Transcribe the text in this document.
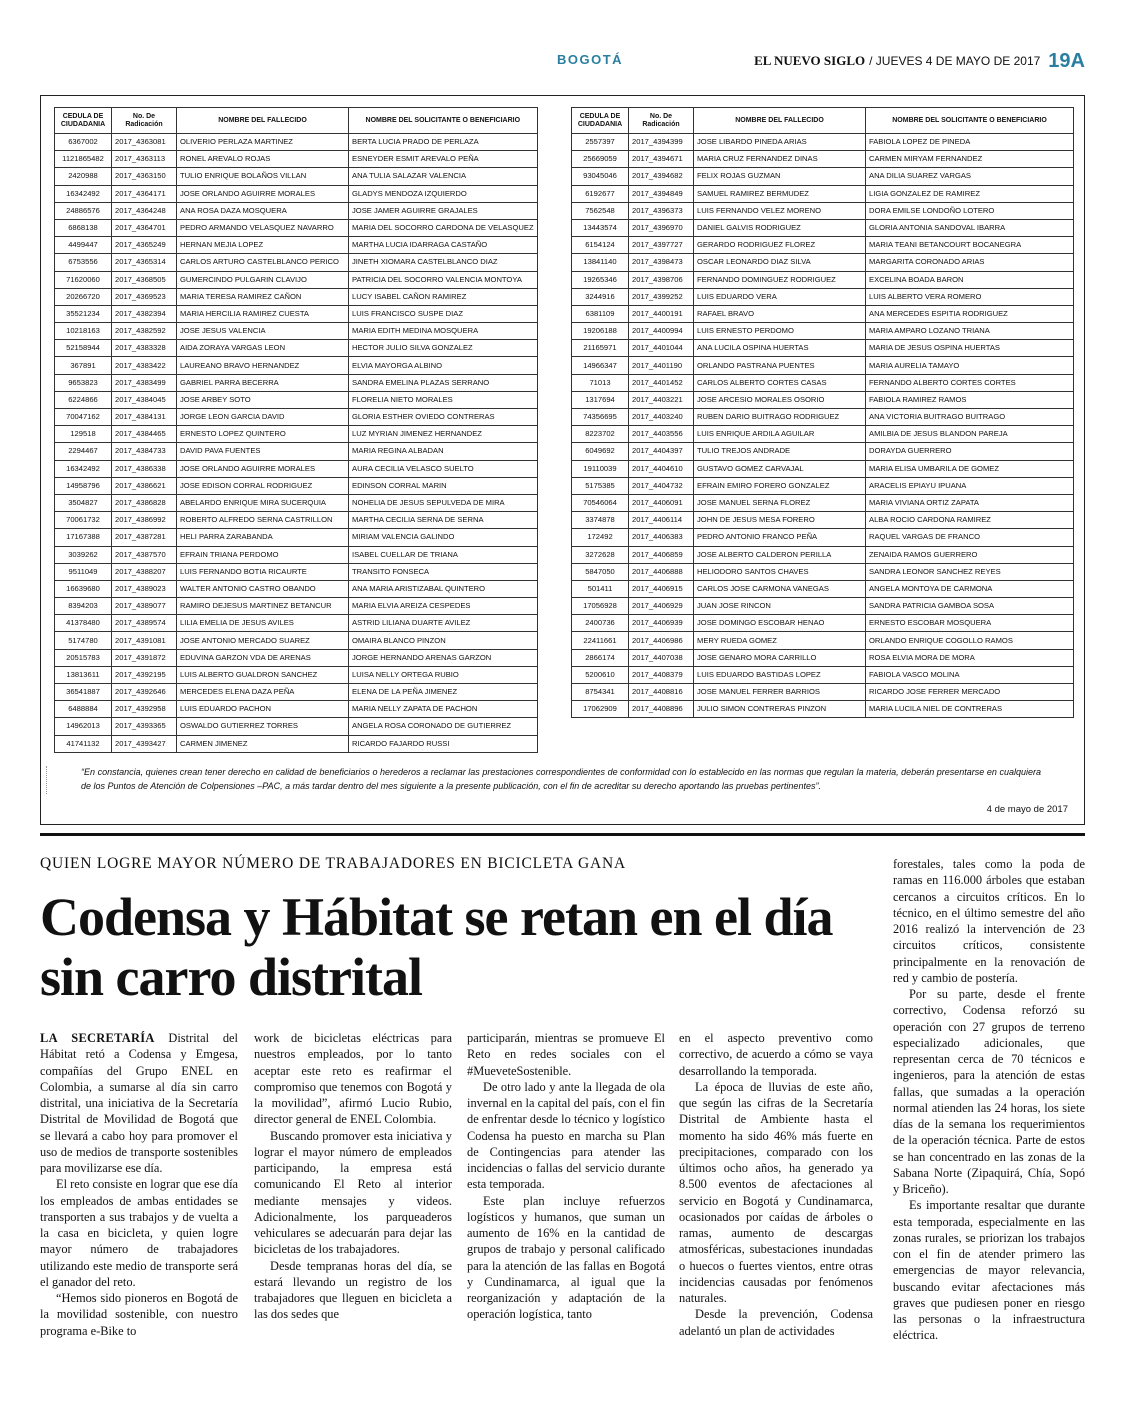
BOGOTÁ	EL NUEVO SIGLO / JUEVES 4 DE MAYO DE 2017 19A
CEDULA DE CIUDADANIA	No. De Radicación	NOMBRE DEL FALLECIDO	NOMBRE DEL SOLICITANTE O BENEFICIARIO
6367002	2017_4363081	OLIVERIO PERLAZA MARTINEZ	BERTA LUCIA PRADO DE PERLAZA
1121865482	2017_4363113	RONEL AREVALO ROJAS	ESNEYDER ESMIT AREVALO PEÑA
2420988	2017_4363150	TULIO ENRIQUE BOLAÑOS VILLAN	ANA TULIA SALAZAR VALENCIA
16342492	2017_4364171	JOSE ORLANDO AGUIRRE MORALES	GLADYS MENDOZA IZQUIERDO
24886576	2017_4364248	ANA ROSA DAZA MOSQUERA	JOSE JAMER AGUIRRE GRAJALES
6868138	2017_4364701	PEDRO ARMANDO VELASQUEZ NAVARRO	MARIA DEL SOCORRO CARDONA DE VELASQUEZ
4499447	2017_4365249	HERNAN MEJIA LOPEZ	MARTHA LUCIA IDARRAGA CASTAÑO
6753556	2017_4365314	CARLOS ARTURO CASTELBLANCO PERICO	JINETH XIOMARA CASTELBLANCO DIAZ
71620060	2017_4368505	GUMERCINDO PULGARIN CLAVIJO	PATRICIA DEL SOCORRO VALENCIA MONTOYA
20266720	2017_4369523	MARIA TERESA RAMIREZ CAÑON	LUCY ISABEL CAÑON RAMIREZ
35521234	2017_4382394	MARIA HERCILIA RAMIREZ CUESTA	LUIS FRANCISCO SUSPE DIAZ
10218163	2017_4382592	JOSE JESUS VALENCIA	MARIA EDITH MEDINA MOSQUERA
52158944	2017_4383328	AIDA ZORAYA VARGAS LEON	HECTOR JULIO SILVA GONZALEZ
367891	2017_4383422	LAUREANO BRAVO HERNANDEZ	ELVIA MAYORGA ALBINO
9653823	2017_4383499	GABRIEL PARRA BECERRA	SANDRA EMELINA PLAZAS SERRANO
6224866	2017_4384045	JOSE ARBEY SOTO	FLORELIA NIETO MORALES
70047162	2017_4384131	JORGE LEON GARCIA DAVID	GLORIA ESTHER OVIEDO CONTRERAS
129518	2017_4384465	ERNESTO LOPEZ QUINTERO	LUZ MYRIAN JIMENEZ HERNANDEZ
2294467	2017_4384733	DAVID PAVA FUENTES	MARIA REGINA ALBADAN
16342492	2017_4386338	JOSE ORLANDO AGUIRRE MORALES	AURA CECILIA VELASCO SUELTO
14958796	2017_4386621	JOSE EDISON CORRAL RODRIGUEZ	EDINSON CORRAL MARIN
3504827	2017_4386828	ABELARDO ENRIQUE MIRA SUCERQUIA	NOHELIA DE JESUS SEPULVEDA DE MIRA
70061732	2017_4386992	ROBERTO ALFREDO SERNA CASTRILLON	MARTHA CECILIA SERNA DE SERNA
17167388	2017_4387281	HELI PARRA ZARABANDA	MIRIAM VALENCIA GALINDO
3039262	2017_4387570	EFRAIN TRIANA PERDOMO	ISABEL CUELLAR DE TRIANA
9511049	2017_4388207	LUIS FERNANDO BOTIA RICAURTE	TRANSITO FONSECA
16639680	2017_4389023	WALTER ANTONIO CASTRO OBANDO	ANA MARIA ARISTIZABAL QUINTERO
8394203	2017_4389077	RAMIRO DEJESUS MARTINEZ BETANCUR	MARIA ELVIA AREIZA CESPEDES
41378480	2017_4389574	LILIA EMELIA DE JESUS AVILES	ASTRID LILIANA DUARTE AVILEZ
5174780	2017_4391081	JOSE ANTONIO MERCADO SUAREZ	OMAIRA BLANCO PINZON
20515783	2017_4391872	EDUVINA GARZON VDA DE ARENAS	JORGE HERNANDO ARENAS GARZON
13813611	2017_4392195	LUIS ALBERTO GUALDRON SANCHEZ	LUISA NELLY ORTEGA RUBIO
36541887	2017_4392646	MERCEDES ELENA DAZA PEÑA	ELENA DE LA PEÑA JIMENEZ
6488884	2017_4392958	LUIS EDUARDO PACHON	MARIA NELLY ZAPATA DE PACHON
14962013	2017_4393365	OSWALDO GUTIERREZ TORRES	ANGELA ROSA CORONADO DE GUTIERREZ
41741132	2017_4393427	CARMEN JIMENEZ	RICARDO FAJARDO RUSSI
CEDULA DE CIUDADANIA	No. De Radicación	NOMBRE DEL FALLECIDO	NOMBRE DEL SOLICITANTE O BENEFICIARIO
2557397	2017_4394399	JOSE LIBARDO PINEDA ARIAS	FABIOLA LOPEZ DE PINEDA
25669059	2017_4394671	MARIA CRUZ FERNANDEZ DINAS	CARMEN MIRYAM FERNANDEZ
93045046	2017_4394682	FELIX ROJAS GUZMAN	ANA DILIA SUAREZ VARGAS
6192677	2017_4394849	SAMUEL RAMIREZ BERMUDEZ	LIGIA GONZALEZ DE RAMIREZ
7562548	2017_4396373	LUIS FERNANDO VELEZ MORENO	DORA EMILSE LONDOÑO LOTERO
13443574	2017_4396970	DANIEL GALVIS RODRIGUEZ	GLORIA ANTONIA SANDOVAL IBARRA
6154124	2017_4397727	GERARDO RODRIGUEZ FLOREZ	MARIA TEANI BETANCOURT BOCANEGRA
13841140	2017_4398473	OSCAR LEONARDO DIAZ SILVA	MARGARITA CORONADO ARIAS
19265346	2017_4398706	FERNANDO DOMINGUEZ RODRIGUEZ	EXCELINA BOADA BARON
3244916	2017_4399252	LUIS EDUARDO VERA	LUIS ALBERTO VERA ROMERO
6381109	2017_4400191	RAFAEL BRAVO	ANA MERCEDES ESPITIA RODRIGUEZ
19206188	2017_4400994	LUIS ERNESTO PERDOMO	MARIA AMPARO LOZANO TRIANA
21165971	2017_4401044	ANA LUCILA OSPINA HUERTAS	MARIA DE JESUS OSPINA HUERTAS
14966347	2017_4401190	ORLANDO PASTRANA PUENTES	MARIA AURELIA TAMAYO
71013	2017_4401452	CARLOS ALBERTO CORTES CASAS	FERNANDO ALBERTO CORTES CORTES
1317694	2017_4403221	JOSE ARCESIO MORALES OSORIO	FABIOLA RAMIREZ RAMOS
74356695	2017_4403240	RUBEN DARIO BUITRAGO RODRIGUEZ	ANA VICTORIA BUITRAGO BUITRAGO
8223702	2017_4403556	LUIS ENRIQUE ARDILA AGUILAR	AMILBIA DE JESUS BLANDON PAREJA
6049692	2017_4404397	TULIO TREJOS ANDRADE	DORAYDA GUERRERO
19110039	2017_4404610	GUSTAVO GOMEZ CARVAJAL	MARIA ELISA UMBARILA DE GOMEZ
5175385	2017_4404732	EFRAIN EMIRO FORERO GONZALEZ	ARACELIS EPIAYU IPUANA
70546064	2017_4406091	JOSE MANUEL SERNA FLOREZ	MARIA VIVIANA ORTIZ ZAPATA
3374878	2017_4406114	JOHN DE JESUS MESA FORERO	ALBA ROCIO CARDONA RAMIREZ
172492	2017_4406383	PEDRO ANTONIO FRANCO PEÑA	RAQUEL VARGAS DE FRANCO
3272628	2017_4406859	JOSE ALBERTO CALDERON PERILLA	ZENAIDA RAMOS GUERRERO
5847050	2017_4406888	HELIODORO SANTOS CHAVES	SANDRA LEONOR SANCHEZ REYES
501411	2017_4406915	CARLOS JOSE CARMONA VANEGAS	ANGELA MONTOYA DE CARMONA
17056928	2017_4406929	JUAN JOSE RINCON	SANDRA PATRICIA GAMBOA SOSA
2400736	2017_4406939	JOSE DOMINGO ESCOBAR HENAO	ERNESTO ESCOBAR MOSQUERA
22411661	2017_4406986	MERY RUEDA GOMEZ	ORLANDO ENRIQUE COGOLLO RAMOS
2866174	2017_4407038	JOSE GENARO MORA CARRILLO	ROSA ELVIA MORA DE MORA
5200610	2017_4408379	LUIS EDUARDO BASTIDAS LOPEZ	FABIOLA VASCO MOLINA
8754341	2017_4408816	JOSE MANUEL FERRER BARRIOS	RICARDO JOSE FERRER MERCADO
17062909	2017_4408896	JULIO SIMON CONTRERAS PINZON	MARIA LUCILA NIEL DE CONTRERAS

“En constancia, quienes crean tener derecho en calidad de beneficiarios o herederos a reclamar las prestaciones correspondientes de conformidad con lo establecido en las normas que regulan la materia, deberán presentarse en cualquiera de los Puntos de Atención de Colpensiones –PAC, a más tardar dentro del mes siguiente a la presente publicación, con el fin de acreditar su derecho aportando las pruebas pertinentes”.

4 de mayo de 2017
QUIEN LOGRE MAYOR NÚMERO DE TRABAJADORES EN BICICLETA GANA
Codensa y Hábitat se retan en el día sin carro distrital

LA SECRETARÍA Distrital del Hábitat retó a Codensa y Emgesa, compañías del Grupo ENEL en Colombia, a sumarse al día sin carro distrital, una iniciativa de la Secretaría Distrital de Movilidad de Bogotá que se llevará a cabo hoy para promover el uso de medios de transporte sostenibles para movilizarse ese día.

El reto consiste en lograr que ese día los empleados de ambas entidades se transporten a sus trabajos y de vuelta a la casa en bicicleta, y quien logre mayor número de trabajadores utilizando este medio de transporte será el ganador del reto.

“Hemos sido pioneros en Bogotá de la movilidad sostenible, con nuestro programa e-Bike to

work de bicicletas eléctricas para nuestros empleados, por lo tanto aceptar este reto es reafirmar el compromiso que tenemos con Bogotá y la movilidad”, afirmó Lucio Rubio, director general de ENEL Colombia.

Buscando promover esta iniciativa y lograr el mayor número de empleados participando, la empresa está comunicando El Reto al interior mediante mensajes y videos. Adicionalmente, los parqueaderos vehiculares se adecuarán para dejar las bicicletas de los trabajadores.

Desde tempranas horas del día, se estará llevando un registro de los trabajadores que lleguen en bicicleta a las dos sedes que

participarán, mientras se promueve El Reto en redes sociales con el #MueveteSostenible.

De otro lado y ante la llegada de ola invernal en la capital del país, con el fin de enfrentar desde lo técnico y logístico Codensa ha puesto en marcha su Plan de Contingencias para atender las incidencias o fallas del servicio durante esta temporada.

Este plan incluye refuerzos logísticos y humanos, que suman un aumento de 16% en la cantidad de grupos de trabajo y personal calificado para la atención de las fallas en Bogotá y Cundinamarca, al igual que la reorganización y adaptación de la operación logística, tanto

en el aspecto preventivo como correctivo, de acuerdo a cómo se vaya desarrollando la temporada.

La época de lluvias de este año, que según las cifras de la Secretaría Distrital de Ambiente hasta el momento ha sido 46% más fuerte en precipitaciones, comparado con los últimos ocho años, ha generado ya 8.500 eventos de afectaciones al servicio en Bogotá y Cundinamarca, ocasionados por caídas de árboles o ramas, aumento de descargas atmosféricas, subestaciones inundadas o huecos o fuertes vientos, entre otras incidencias causadas por fenómenos naturales.

Desde la prevención, Codensa adelantó un plan de actividades

forestales, tales como la poda de ramas en 116.000 árboles que estaban cercanos a circuitos críticos. En lo técnico, en el último semestre del año 2016 realizó la intervención de 23 circuitos críticos, consistente principalmente en la renovación de red y cambio de postería.

Por su parte, desde el frente correctivo, Codensa reforzó su operación con 27 grupos de terreno especializado adicionales, que representan cerca de 70 técnicos e ingenieros, para la atención de estas fallas, que sumadas a la operación normal atienden las 24 horas, los siete días de la semana los requerimientos de la operación técnica. Parte de estos se han concentrado en las zonas de la Sabana Norte (Zipaquirá, Chía, Sopó y Briceño).

Es importante resaltar que durante esta temporada, especialmente en las zonas rurales, se priorizan los trabajos con el fin de atender primero las emergencias de mayor relevancia, buscando evitar afectaciones más graves que pudiesen poner en riesgo las personas o la infraestructura eléctrica.
